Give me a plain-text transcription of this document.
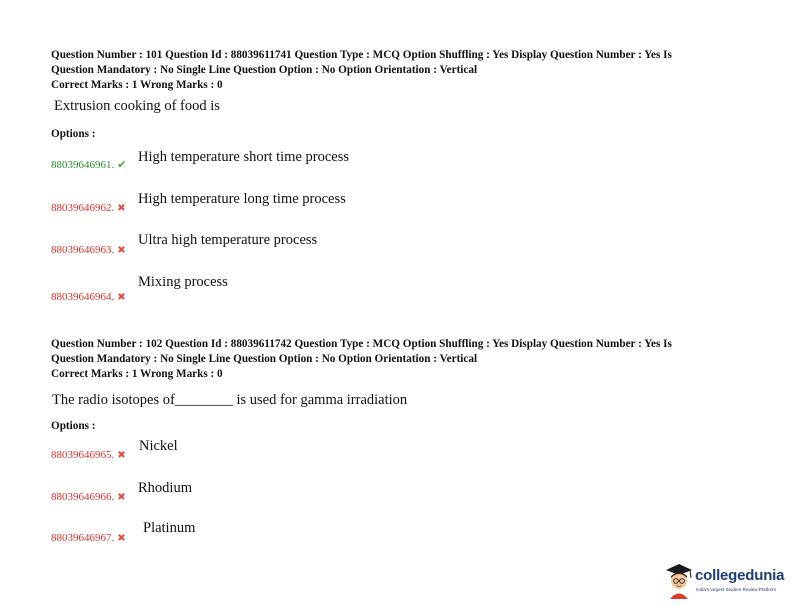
Question Number : 101 Question Id : 88039611741 Question Type : MCQ Option Shuffling : Yes Display Question Number : Yes Is

Question Mandatory : No Single Line Question Option : No Option Orientation : Vertical

Correct Marks : 1 Wrong Marks : 0

Extrusion cooking of food is
Options :
88039646961. ✔ High temperature short time process
88039646962. ✖
High temperature long time process
88039646963. ✖
Ultra high temperature process
88039646964. ✖
Mixing process

Question Number : 102 Question Id : 88039611742 Question Type : MCQ Option Shuffling : Yes Display Question Number : Yes Is

Question Mandatory : No Single Line Question Option : No Option Orientation : Vertical

Correct Marks : 1 Wrong Marks : 0

The radio isotopes of________ is used for gamma irradiation
Options :
88039646965. ✖
Nickel
88039646966. ✖
Rhodium
88039646967. ✖
Platinum
collegedunia
India's largest Student Review Platform
